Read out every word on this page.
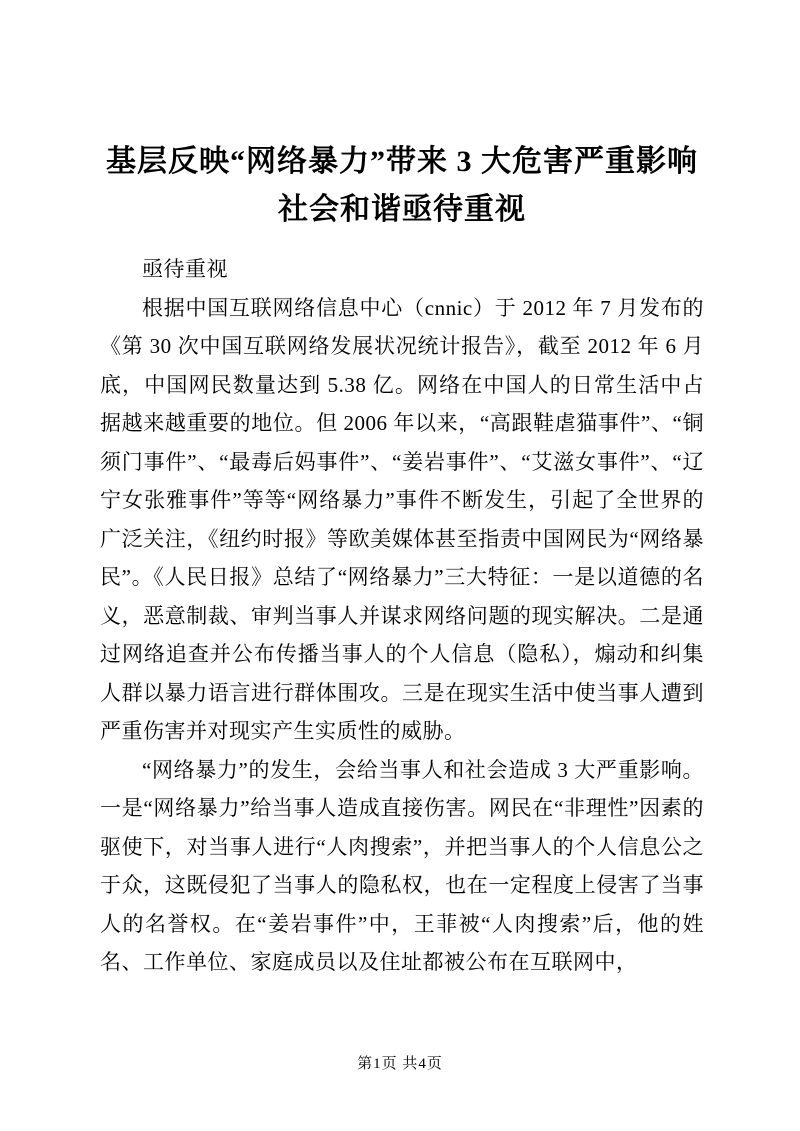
基层反映“网络暴力”带来 3 大危害严重影响
社会和谐亟待重视

亟待重视

根据中国互联网络信息中心（cnnic）于 2012 年 7 月发布的《第 30 次中国互联网络发展状况统计报告》，截至 2012 年 6 月底，中国网民数量达到 5.38 亿。网络在中国人的日常生活中占据越来越重要的地位。但 2006 年以来，“高跟鞋虐猫事件”、“铜须门事件”、“最毒后妈事件”、“姜岩事件”、“艾滋女事件”、“辽宁女张雅事件”等等“网络暴力”事件不断发生，引起了全世界的广泛关注，《纽约时报》等欧美媒体甚至指责中国网民为“网络暴民”。《人民日报》总结了“网络暴力”三大特征：一是以道德的名义，恶意制裁、审判当事人并谋求网络问题的现实解决。二是通过网络追查并公布传播当事人的个人信息（隐私），煽动和纠集人群以暴力语言进行群体围攻。三是在现实生活中使当事人遭到严重伤害并对现实产生实质性的威胁。

“网络暴力”的发生，会给当事人和社会造成 3 大严重影响。一是“网络暴力”给当事人造成直接伤害。网民在“非理性”因素的驱使下，对当事人进行“人肉搜索”，并把当事人的个人信息公之于众，这既侵犯了当事人的隐私权，也在一定程度上侵害了当事人的名誉权。在“姜岩事件”中，王菲被“人肉搜索”后，他的姓名、工作单位、家庭成员以及住址都被公布在互联网中，

第1页 共4页
